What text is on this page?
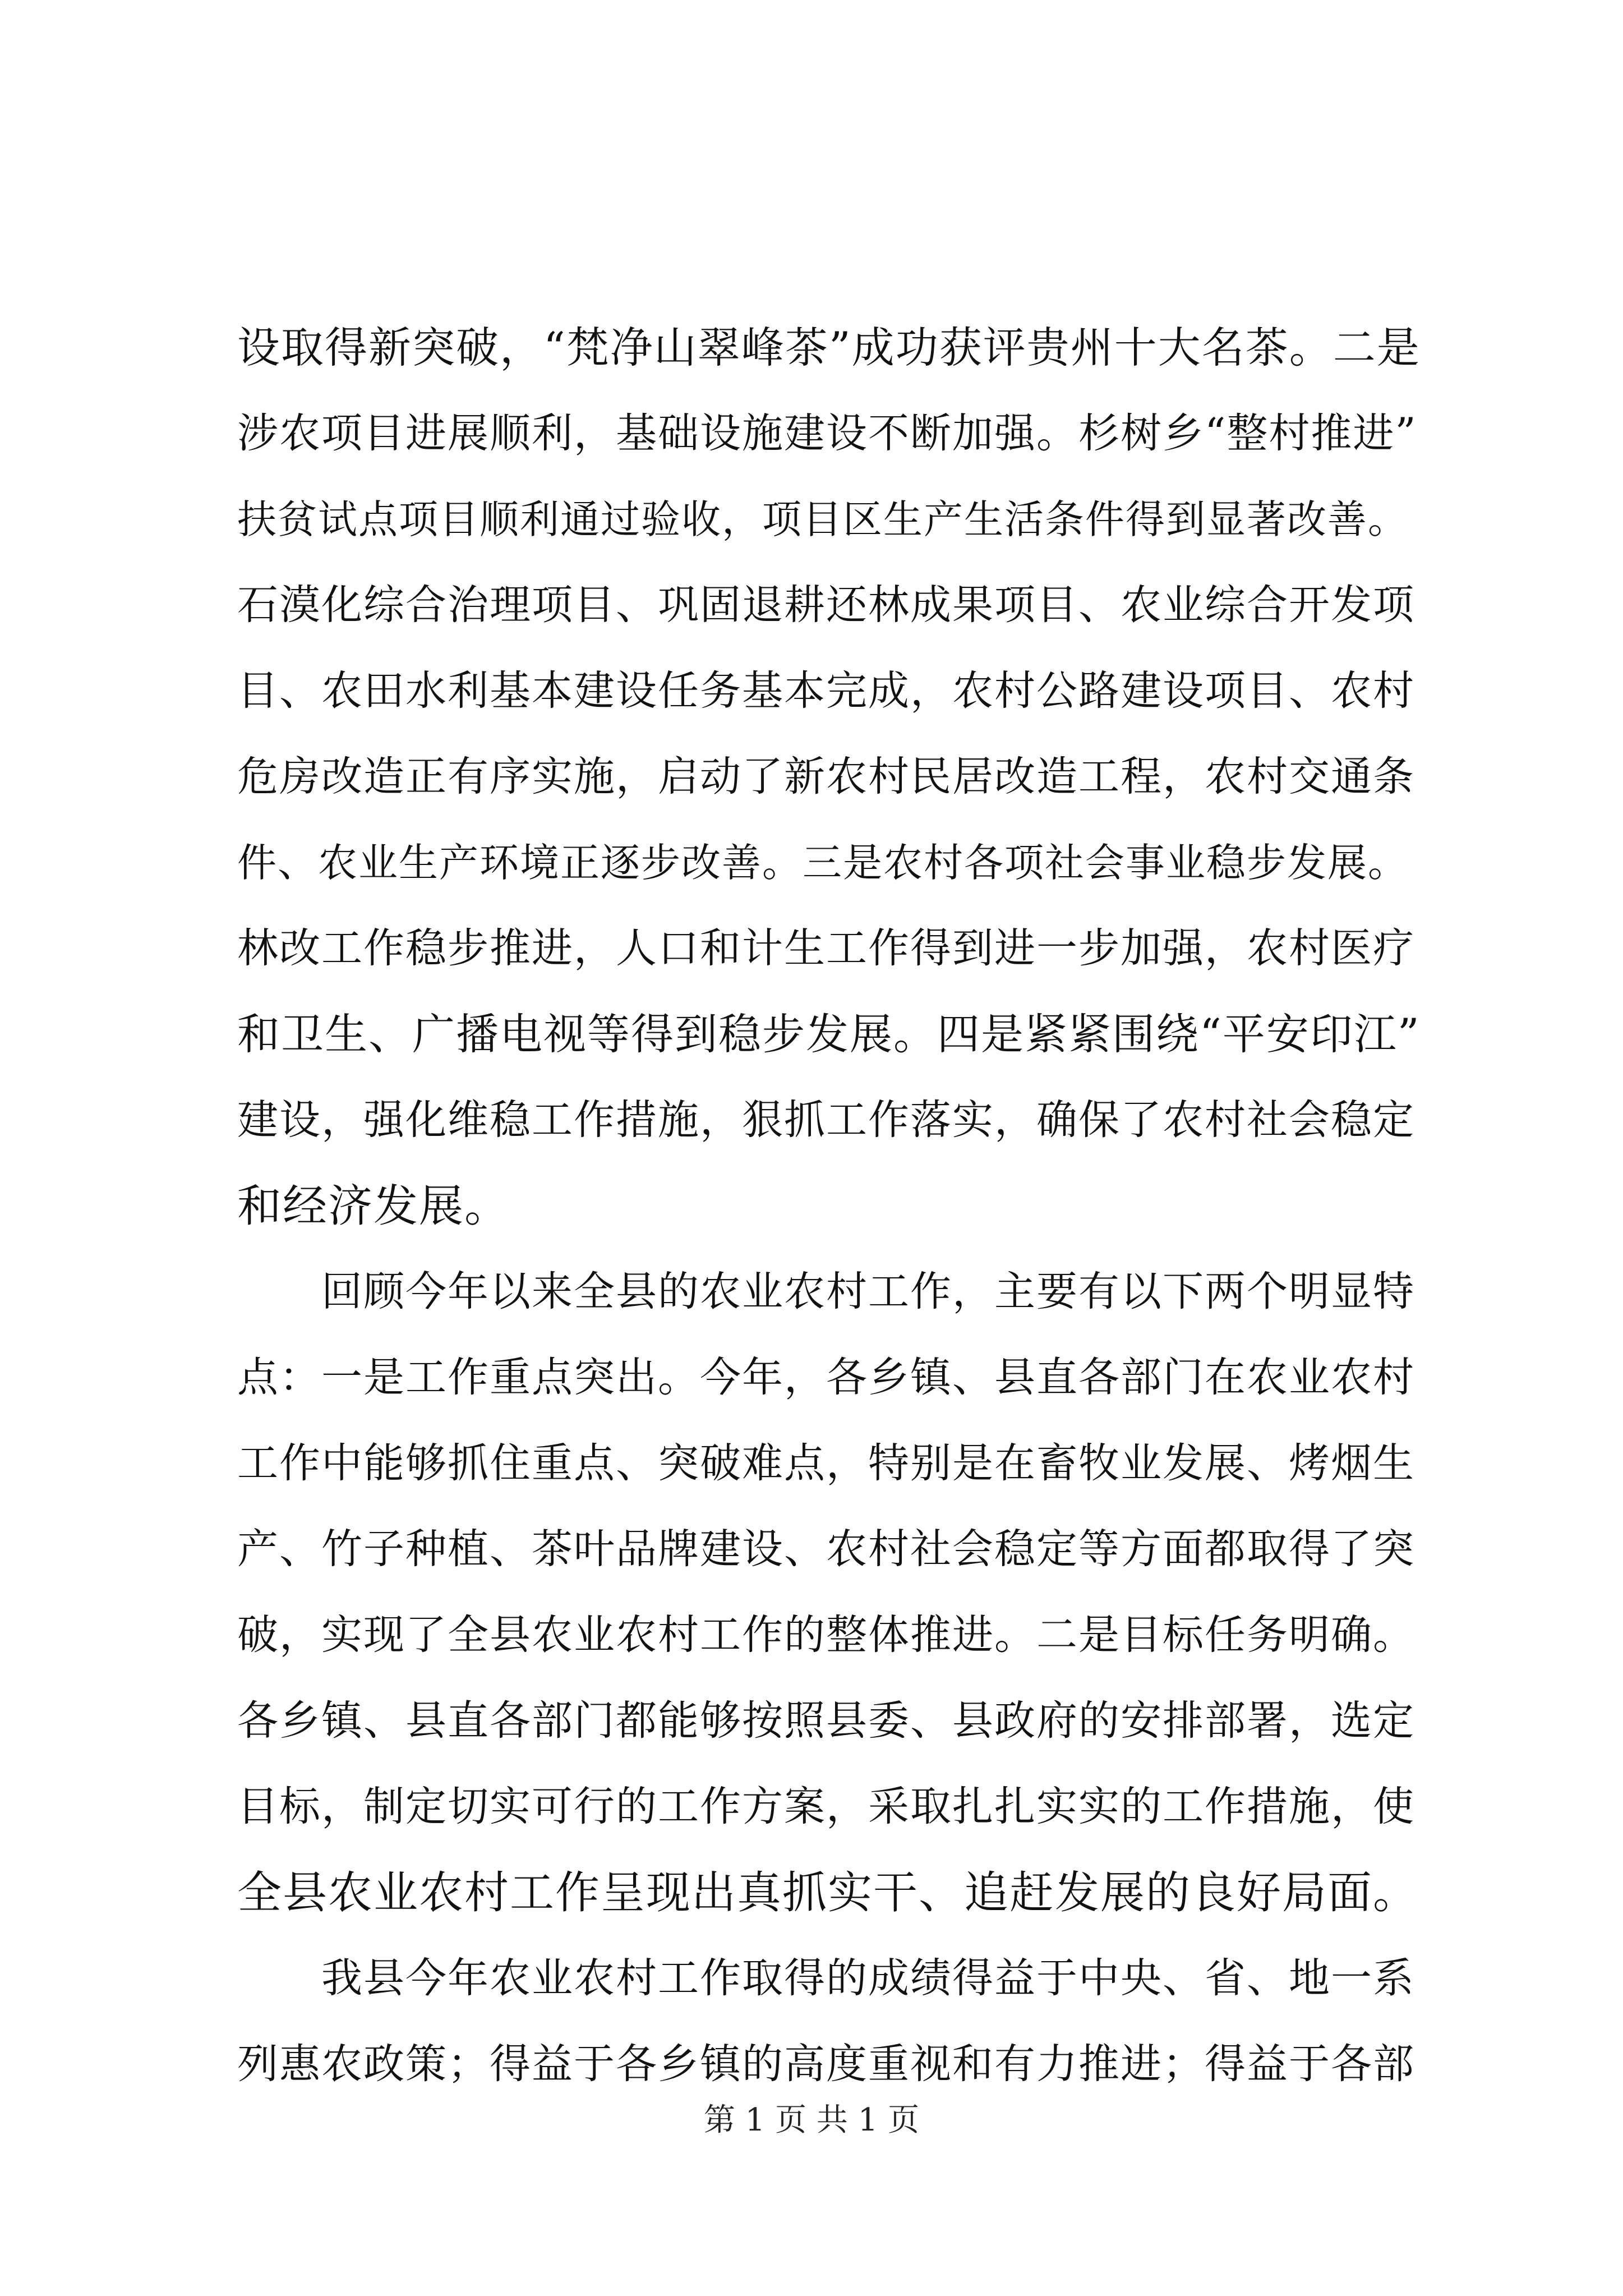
设取得新突破，“梵净山翠峰茶”成功获评贵州十大名茶。二是
涉农项目进展顺利，基础设施建设不断加强。杉树乡“整村推进”
扶贫试点项目顺利通过验收，项目区生产生活条件得到显著改善。
石漠化综合治理项目、巩固退耕还林成果项目、农业综合开发项
目、农田水利基本建设任务基本完成，农村公路建设项目、农村
危房改造正有序实施，启动了新农村民居改造工程，农村交通条
件、农业生产环境正逐步改善。三是农村各项社会事业稳步发展。
林改工作稳步推进，人口和计生工作得到进一步加强，农村医疗
和卫生、广播电视等得到稳步发展。四是紧紧围绕“平安印江”
建设，强化维稳工作措施，狠抓工作落实，确保了农村社会稳定
和经济发展。
　　回顾今年以来全县的农业农村工作，主要有以下两个明显特
点：一是工作重点突出。今年，各乡镇、县直各部门在农业农村
工作中能够抓住重点、突破难点，特别是在畜牧业发展、烤烟生
产、竹子种植、茶叶品牌建设、农村社会稳定等方面都取得了突
破，实现了全县农业农村工作的整体推进。二是目标任务明确。
各乡镇、县直各部门都能够按照县委、县政府的安排部署，选定
目标，制定切实可行的工作方案，采取扎扎实实的工作措施，使
全县农业农村工作呈现出真抓实干、追赶发展的良好局面。
　　我县今年农业农村工作取得的成绩得益于中央、省、地一系
列惠农政策；得益于各乡镇的高度重视和有力推进；得益于各部
第 1 页 共 1 页
